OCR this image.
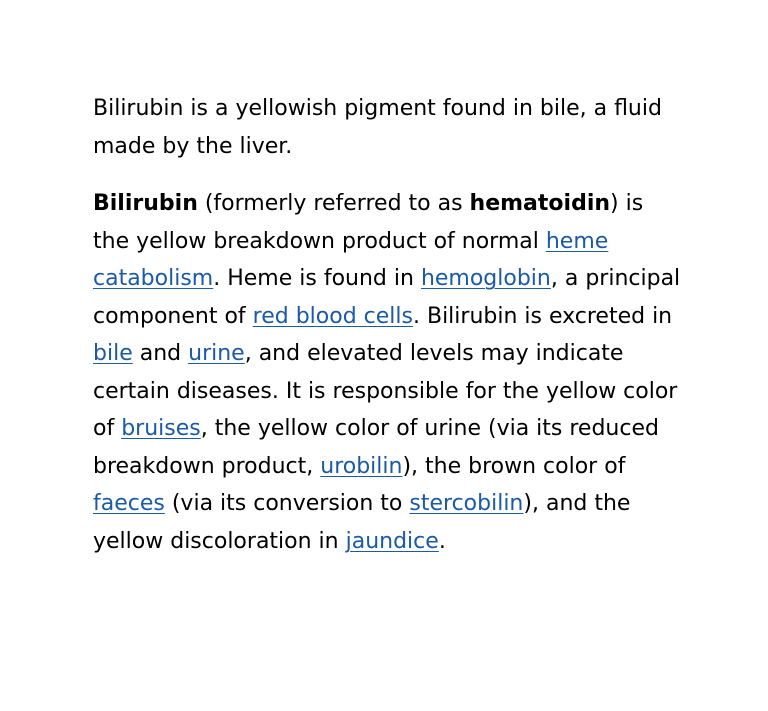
Bilirubin is a yellowish pigment found in bile, a fluid made by the liver.

Bilirubin (formerly referred to as hematoidin) is the yellow breakdown product of normal heme catabolism. Heme is found in hemoglobin, a principal component of red blood cells. Bilirubin is excreted in bile and urine, and elevated levels may indicate certain diseases. It is responsible for the yellow color of bruises, the yellow color of urine (via its reduced breakdown product, urobilin), the brown color of faeces (via its conversion to stercobilin), and the yellow discoloration in jaundice.
